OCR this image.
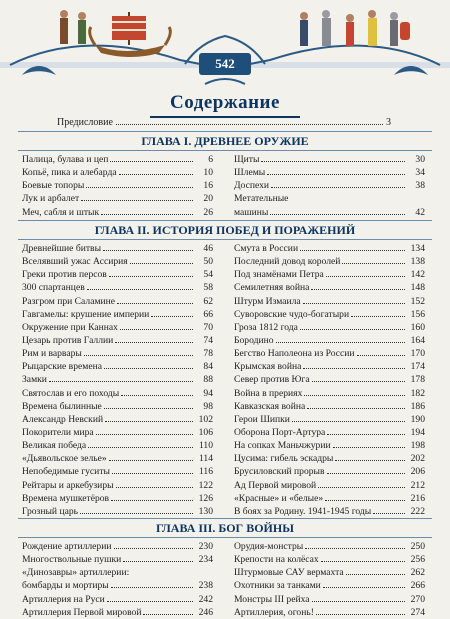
542
Содержание
Предисловие	3
ГЛАВА I. ДРЕВНЕЕ ОРУЖИЕ
Палица, булава и цеп	6
Копьё, пика и алебарда	10
Боевые топоры	16
Лук и арбалет	20
Меч, сабля и штык	26
Щиты	30
Шлемы	34
Доспехи	38
Метательные
машины	42
ГЛАВА II. ИСТОРИЯ ПОБЕД И ПОРАЖЕНИЙ
Древнейшие битвы	46
Вселявший ужас Ассирия	50
Греки против персов	54
300 спартанцев	58
Разгром при Саламине	62
Гавгамелы: крушение империи	66
Окружение при Каннах	70
Цезарь против Галлии	74
Рим и варвары	78
Рыцарские времена	84
Замки	88
Святослав и его походы	94
Времена былинные	98
Александр Невский	102
Покорители мира	106
Великая победа	110
«Дьявольское зелье»	114
Непобедимые гуситы	116
Рейтары и аркебузиры	122
Времена мушкетёров	126
Грозный царь	130
Смута в России	134
Последний довод королей	138
Под знамёнами Петра	142
Семилетняя война	148
Штурм Измаила	152
Суворовские чудо-богатыри	156
Гроза 1812 года	160
Бородино	164
Бегство Наполеона из России	170
Крымская война	174
Север против Юга	178
Война в прериях	182
Кавказская война	186
Герои Шипки	190
Оборона Порт-Артура	194
На сопках Маньчжурии	198
Цусима: гибель эскадры	202
Брусиловский прорыв	206
Ад Первой мировой	212
«Красные» и «белые»	216
В боях за Родину. 1941-1945 годы	222
ГЛАВА III. БОГ ВОЙНЫ
Рождение артиллерии	230
Многоствольные пушки	234
«Динозавры» артиллерии:
бомбарды и мортиры	238
Артиллерия на Руси	242
Артиллерия Первой мировой	246
Орудия-монстры	250
Крепости на колёсах	256
Штурмовые САУ вермахта	262
Охотники за танками	266
Монстры III рейха	270
Артиллерия, огонь!	274
